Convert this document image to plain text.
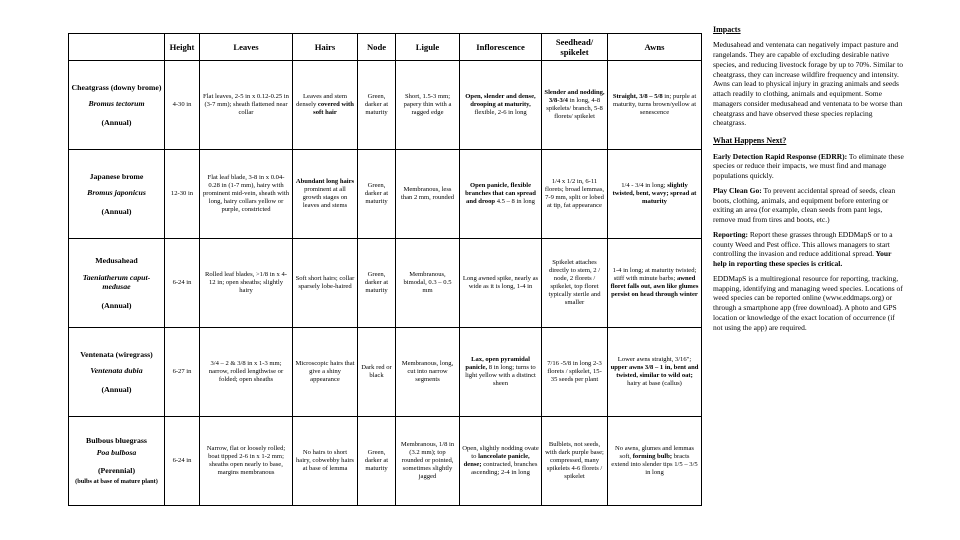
	Height	Leaves	Hairs	Node	Ligule	Inflorescence	Seedhead/ spikelet	Awns

Cheatgrass (downy brome)
Bromus tectorum
(Annual)	4-30 in	Flat leaves, 2-5 in x 0.12-0.25 in (3-7 mm); sheath flattened near collar	Leaves and stem densely covered with soft hair	Green, darker at maturity	Short, 1.5-3 mm; papery thin with a ragged edge	Open, slender and dense, drooping at maturity, flexible, 2-6 in long	Slender and nodding, 3/8-3/4 in long, 4-8 spikelets/ branch, 5-8 florets/ spikelet	Straight, 3/8 – 5/8 in; purple at maturity, turns brown/yellow at senescence

Japanese brome
Bromus japonicus
(Annual)	12-30 in	Flat leaf blade, 3-8 in x 0.04-0.28 in (1-7 mm), hairy with prominent mid-vein, sheath with long, hairy collars yellow or purple, constricted	Abundant long hairs prominent at all growth stages on leaves and stems	Green, darker at maturity	Membranous, less than 2 mm, rounded	Open panicle, flexible branches that can spread and droop 4.5 – 8 in long	1/4 x 1/2 in, 6-11 florets; broad lemmas, 7-9 mm, split or lobed at tip, fat appearance	1/4 - 3/4 in long; slightly twisted, bent, wavy; spread at maturity

Medusahead
Taeniatherum caput-medusae
(Annual)	6-24 in	Rolled leaf blades, >1/8 in x 4-12 in; open sheaths; slightly hairy	Soft short hairs; collar sparsely lobe-haired	Green, darker at maturity	Membranous, bimodal, 0.3 – 0.5 mm	Long awned spike, nearly as wide as it is long, 1-4 in	Spikelet attaches directly to stem, 2 / node, 2 florets / spikelet, top floret typically sterile and smaller	1-4 in long; at maturity twisted; stiff with minute barbs; awned floret falls out, awn like glumes persist on head through winter

Ventenata (wiregrass)
Ventenata dubia
(Annual)	6-27 in	3/4 – 2 & 3/8 in x 1-3 mm; narrow, rolled lengthwise or folded; open sheaths	Microscopic hairs that give a shiny appearance	Dark red or black	Membranous, long, cut into narrow segments	Lax, open pyramidal panicle, 8 in long; turns to light yellow with a distinct sheen	7/16 -5/8 in long 2-3 florets / spikelet, 15-35 seeds per plant	Lower awns straight, 3/16"; upper awns 3/8 – 1 in, bent and twisted, similar to wild oat; hairy at base (callus)

Bulbous bluegrass
Poa bulbosa
(Perennial)
(bulbs at base of mature plant)	6-24 in	Narrow, flat or loosely rolled; boat tipped 2-6 in x 1-2 mm; sheaths open nearly to base, margins membranous	No hairs to short hairy, cobwebby hairs at base of lemma	Green, darker at maturity	Membranous, 1/8 in (3.2 mm); top rounded or pointed, sometimes slightly jagged	Open, slightly nodding ovate to lanceolate panicle, dense; contracted, branches ascending; 2-4 in long	Bulblets, not seeds, with dark purple base; compressed, many spikelets 4-6 florets / spikelet	No awns, glumes and lemmas soft, forming bulb; bracts extend into slender tips 1/5 – 3/5 in long

Impacts

Medusahead and ventenata can negatively impact pasture and rangelands. They are capable of excluding desirable native species, and reducing livestock forage by up to 70%. Similar to cheatgrass, they can increase wildfire frequency and intensity. Awns can lead to physical injury in grazing animals and seeds attach readily to clothing, animals and equipment. Some managers consider medusahead and ventenata to be worse than cheatgrass and have observed these species replacing cheatgrass.

What Happens Next?

Early Detection Rapid Response (EDRR): To eliminate these species or reduce their impacts, we must find and manage populations quickly.

Play Clean Go: To prevent accidental spread of seeds, clean boots, clothing, animals, and equipment before entering or exiting an area (for example, clean seeds from pant legs, remove mud from tires and boots, etc.)

Reporting: Report these grasses through EDDMapS or to a county Weed and Pest office. This allows managers to start controlling the invasion and reduce additional spread. Your help in reporting these species is critical.

EDDMapS is a multiregional resource for reporting, tracking, mapping, identifying and managing weed species. Locations of weed species can be reported online (www.eddmaps.org) or through a smartphone app (free download). A photo and GPS location or knowledge of the exact location of occurrence (if not using the app) are required.
